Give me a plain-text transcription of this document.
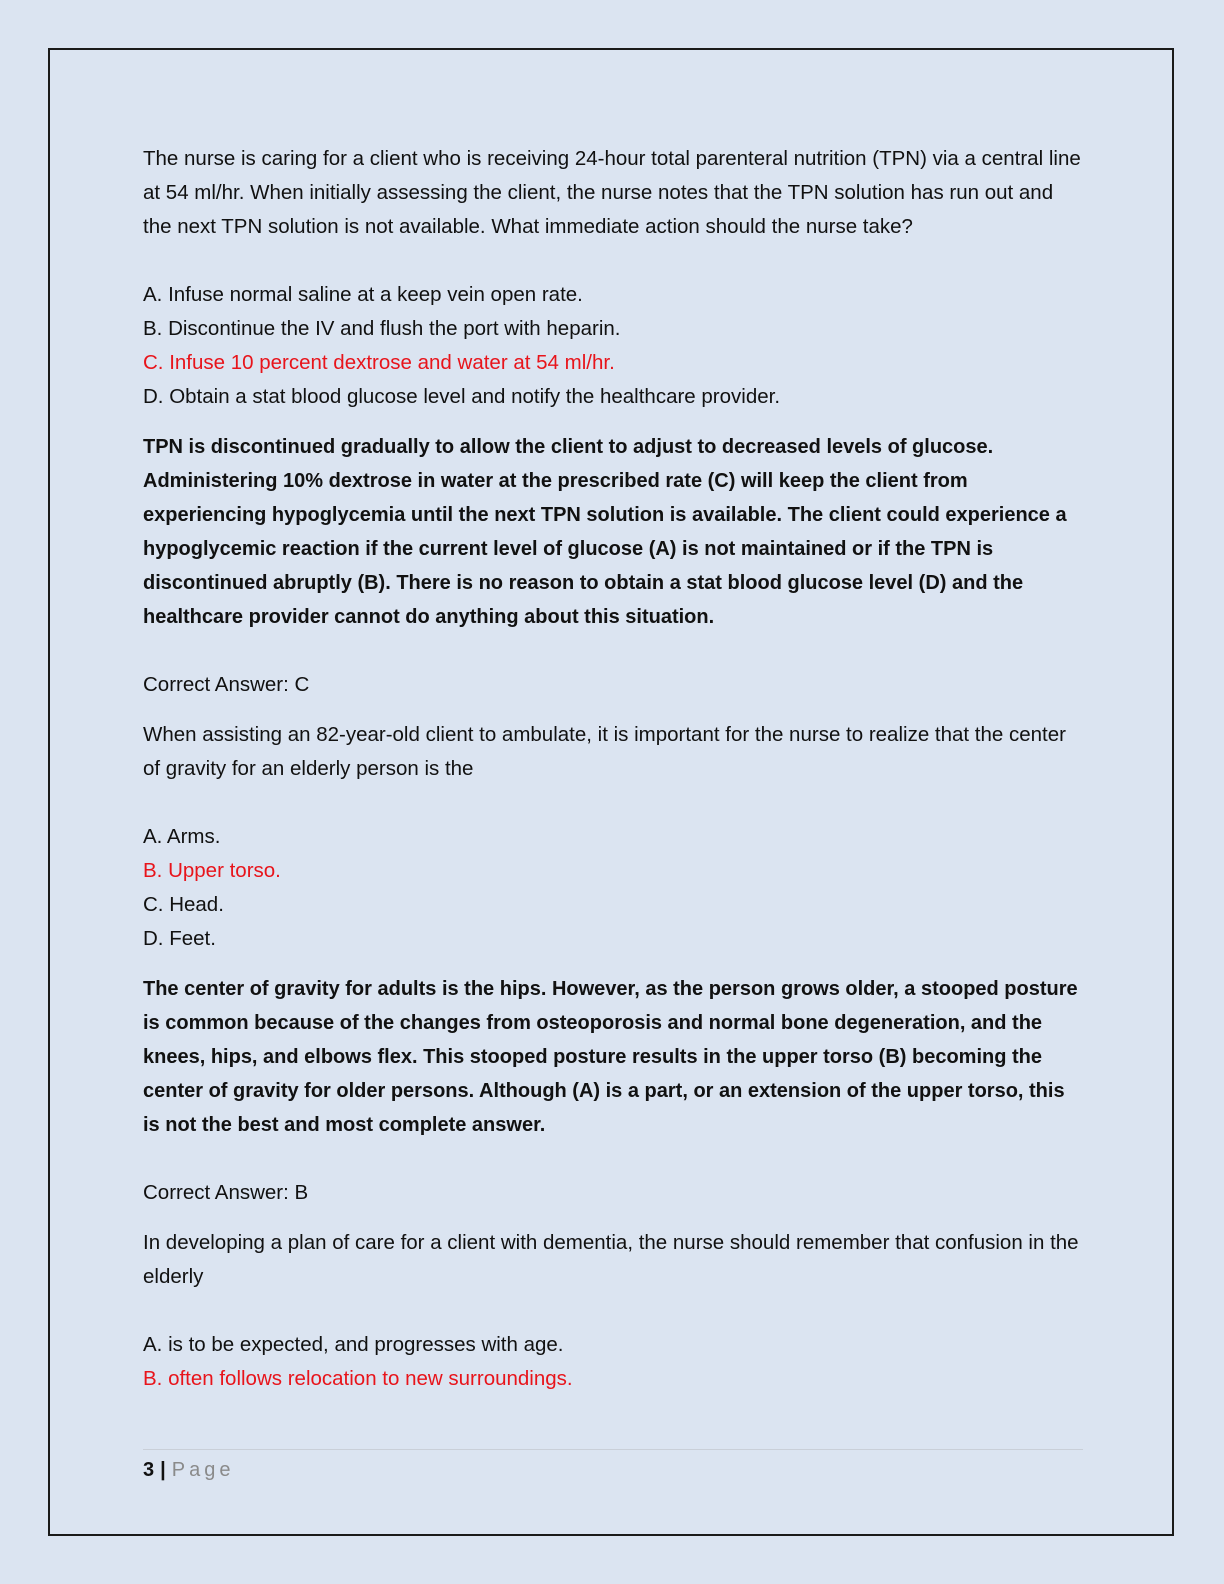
The nurse is caring for a client who is receiving 24-hour total parenteral nutrition (TPN) via a central line at 54 ml/hr. When initially assessing the client, the nurse notes that the TPN solution has run out and the next TPN solution is not available. What immediate action should the nurse take?

A. Infuse normal saline at a keep vein open rate.

B. Discontinue the IV and flush the port with heparin.

C. Infuse 10 percent dextrose and water at 54 ml/hr.

D. Obtain a stat blood glucose level and notify the healthcare provider.

TPN is discontinued gradually to allow the client to adjust to decreased levels of glucose. Administering 10% dextrose in water at the prescribed rate (C) will keep the client from experiencing hypoglycemia until the next TPN solution is available. The client could experience a hypoglycemic reaction if the current level of glucose (A) is not maintained or if the TPN is discontinued abruptly (B). There is no reason to obtain a stat blood glucose level (D) and the healthcare provider cannot do anything about this situation.

Correct Answer: C

When assisting an 82-year-old client to ambulate, it is important for the nurse to realize that the center of gravity for an elderly person is the

A. Arms.

B. Upper torso.

C. Head.

D. Feet.

The center of gravity for adults is the hips. However, as the person grows older, a stooped posture is common because of the changes from osteoporosis and normal bone degeneration, and the knees, hips, and elbows flex. This stooped posture results in the upper torso (B) becoming the center of gravity for older persons. Although (A) is a part, or an extension of the upper torso, this is not the best and most complete answer.

Correct Answer: B

In developing a plan of care for a client with dementia, the nurse should remember that confusion in the elderly

A. is to be expected, and progresses with age.

B. often follows relocation to new surroundings.

3 | Page
